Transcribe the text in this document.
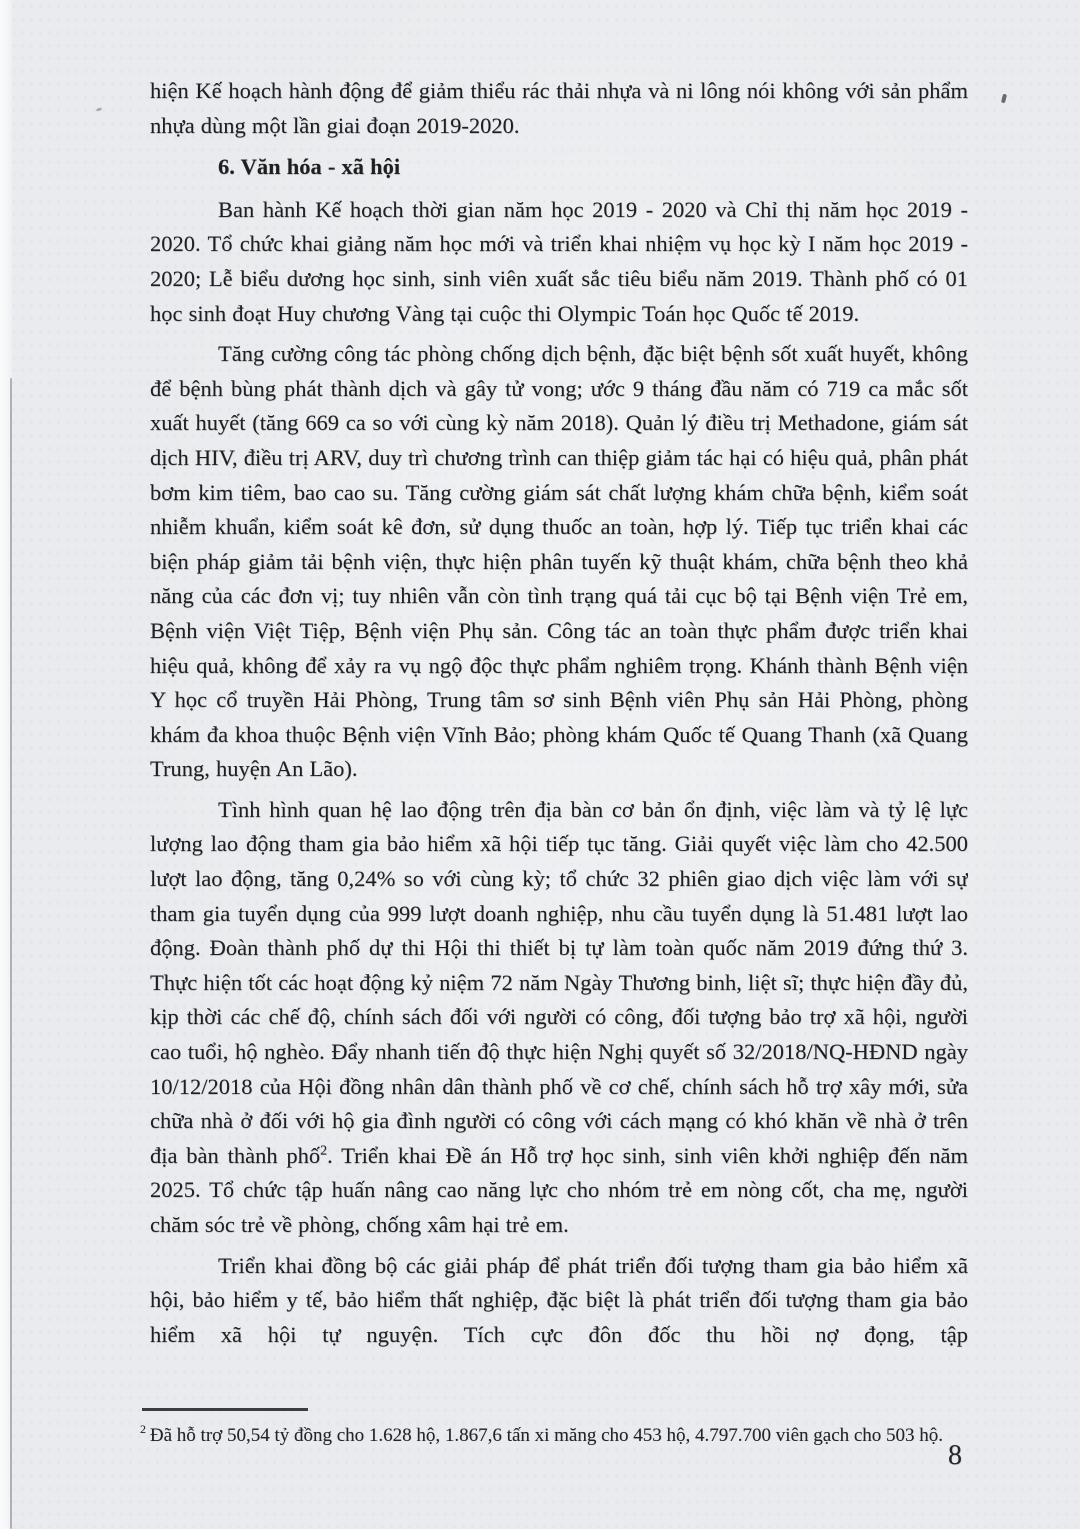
hiện Kế hoạch hành động để giảm thiểu rác thải nhựa và ni lông nói không với sản phẩm nhựa dùng một lần giai đoạn 2019-2020.

6. Văn hóa - xã hội

Ban hành Kế hoạch thời gian năm học 2019 - 2020 và Chỉ thị năm học 2019 - 2020. Tổ chức khai giảng năm học mới và triển khai nhiệm vụ học kỳ I năm học 2019 - 2020; Lễ biểu dương học sinh, sinh viên xuất sắc tiêu biểu năm 2019. Thành phố có 01 học sinh đoạt Huy chương Vàng tại cuộc thi Olympic Toán học Quốc tế 2019.

Tăng cường công tác phòng chống dịch bệnh, đặc biệt bệnh sốt xuất huyết, không để bệnh bùng phát thành dịch và gây tử vong; ước 9 tháng đầu năm có 719 ca mắc sốt xuất huyết (tăng 669 ca so với cùng kỳ năm 2018). Quản lý điều trị Methadone, giám sát dịch HIV, điều trị ARV, duy trì chương trình can thiệp giảm tác hại có hiệu quả, phân phát bơm kim tiêm, bao cao su. Tăng cường giám sát chất lượng khám chữa bệnh, kiểm soát nhiễm khuẩn, kiểm soát kê đơn, sử dụng thuốc an toàn, hợp lý. Tiếp tục triển khai các biện pháp giảm tải bệnh viện, thực hiện phân tuyến kỹ thuật khám, chữa bệnh theo khả năng của các đơn vị; tuy nhiên vẫn còn tình trạng quá tải cục bộ tại Bệnh viện Trẻ em, Bệnh viện Việt Tiệp, Bệnh viện Phụ sản. Công tác an toàn thực phẩm được triển khai hiệu quả, không để xảy ra vụ ngộ độc thực phẩm nghiêm trọng. Khánh thành Bệnh viện Y học cổ truyền Hải Phòng, Trung tâm sơ sinh Bệnh viên Phụ sản Hải Phòng, phòng khám đa khoa thuộc Bệnh viện Vĩnh Bảo; phòng khám Quốc tế Quang Thanh (xã Quang Trung, huyện An Lão).

Tình hình quan hệ lao động trên địa bàn cơ bản ổn định, việc làm và tỷ lệ lực lượng lao động tham gia bảo hiểm xã hội tiếp tục tăng. Giải quyết việc làm cho 42.500 lượt lao động, tăng 0,24% so với cùng kỳ; tổ chức 32 phiên giao dịch việc làm với sự tham gia tuyển dụng của 999 lượt doanh nghiệp, nhu cầu tuyển dụng là 51.481 lượt lao động. Đoàn thành phố dự thi Hội thi thiết bị tự làm toàn quốc năm 2019 đứng thứ 3. Thực hiện tốt các hoạt động kỷ niệm 72 năm Ngày Thương binh, liệt sĩ; thực hiện đầy đủ, kịp thời các chế độ, chính sách đối với người có công, đối tượng bảo trợ xã hội, người cao tuổi, hộ nghèo. Đẩy nhanh tiến độ thực hiện Nghị quyết số 32/2018/NQ-HĐND ngày 10/12/2018 của Hội đồng nhân dân thành phố về cơ chế, chính sách hỗ trợ xây mới, sửa chữa nhà ở đối với hộ gia đình người có công với cách mạng có khó khăn về nhà ở trên địa bàn thành phố$^2$. Triển khai Đề án Hỗ trợ học sinh, sinh viên khởi nghiệp đến năm 2025. Tổ chức tập huấn nâng cao năng lực cho nhóm trẻ em nòng cốt, cha mẹ, người chăm sóc trẻ về phòng, chống xâm hại trẻ em.

Triển khai đồng bộ các giải pháp để phát triển đối tượng tham gia bảo hiểm xã hội, bảo hiểm y tế, bảo hiểm thất nghiệp, đặc biệt là phát triển đối tượng tham gia bảo hiểm xã hội tự nguyện. Tích cực đôn đốc thu hồi nợ đọng, tập

$^2$ Đã hỗ trợ 50,54 tỷ đồng cho 1.628 hộ, 1.867,6 tấn xi măng cho 453 hộ, 4.797.700 viên gạch cho 503 hộ.
8
